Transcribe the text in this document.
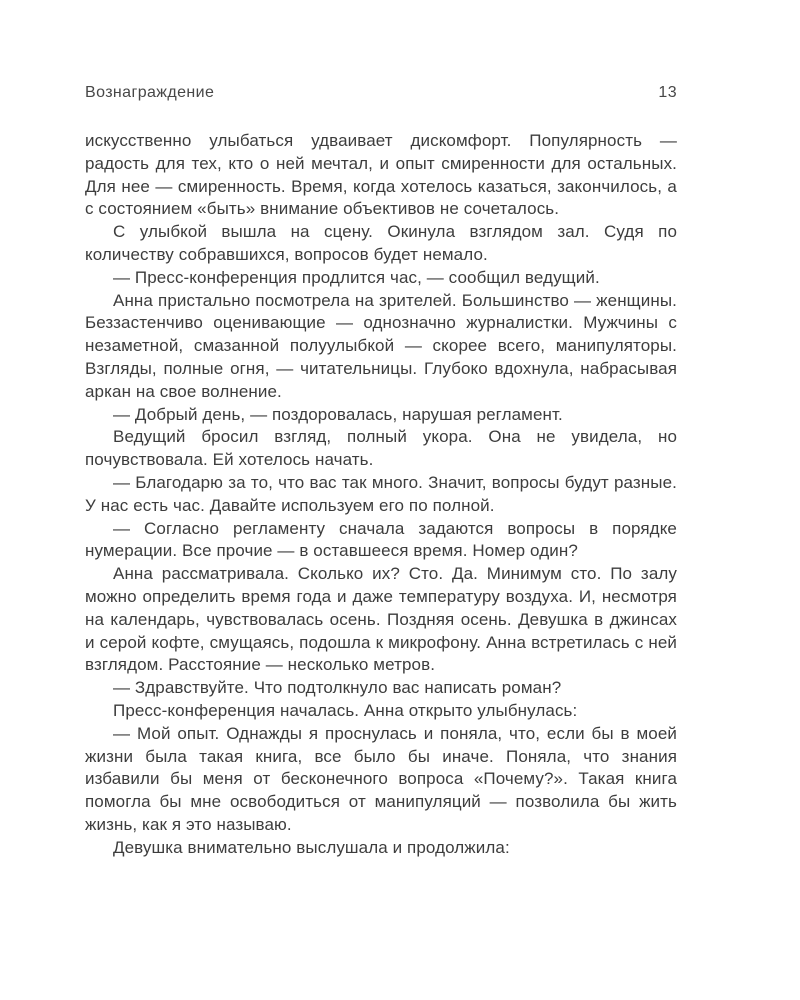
Вознаграждение	13

искусственно улыбаться удваивает дискомфорт. Популярность — радость для тех, кто о ней мечтал, и опыт смиренности для остальных. Для нее — смиренность. Время, когда хотелось казаться, закончилось, а с состоянием «быть» внимание объективов не сочеталось.

С улыбкой вышла на сцену. Окинула взглядом зал. Судя по количеству собравшихся, вопросов будет немало.

— Пресс-конференция продлится час, — сообщил ведущий.

Анна пристально посмотрела на зрителей. Большинство — женщины. Беззастенчиво оценивающие — однозначно журналистки. Мужчины с незаметной, смазанной полуулыбкой — скорее всего, манипуляторы. Взгляды, полные огня, — читательницы. Глубоко вдохнула, набрасывая аркан на свое волнение.

— Добрый день, — поздоровалась, нарушая регламент.

Ведущий бросил взгляд, полный укора. Она не увидела, но почувствовала. Ей хотелось начать.

— Благодарю за то, что вас так много. Значит, вопросы будут разные. У нас есть час. Давайте используем его по полной.

— Согласно регламенту сначала задаются вопросы в порядке нумерации. Все прочие — в оставшееся время. Номер один?

Анна рассматривала. Сколько их? Сто. Да. Минимум сто. По залу можно определить время года и даже температуру воздуха. И, несмотря на календарь, чувствовалась осень. Поздняя осень. Девушка в джинсах и серой кофте, смущаясь, подошла к микрофону. Анна встретилась с ней взглядом. Расстояние — несколько метров.

— Здравствуйте. Что подтолкнуло вас написать роман?

Пресс-конференция началась. Анна открыто улыбнулась:

— Мой опыт. Однажды я проснулась и поняла, что, если бы в моей жизни была такая книга, все было бы иначе. Поняла, что знания избавили бы меня от бесконечного вопроса «Почему?». Такая книга помогла бы мне освободиться от манипуляций — позволила бы жить жизнь, как я это называю.

Девушка внимательно выслушала и продолжила:
